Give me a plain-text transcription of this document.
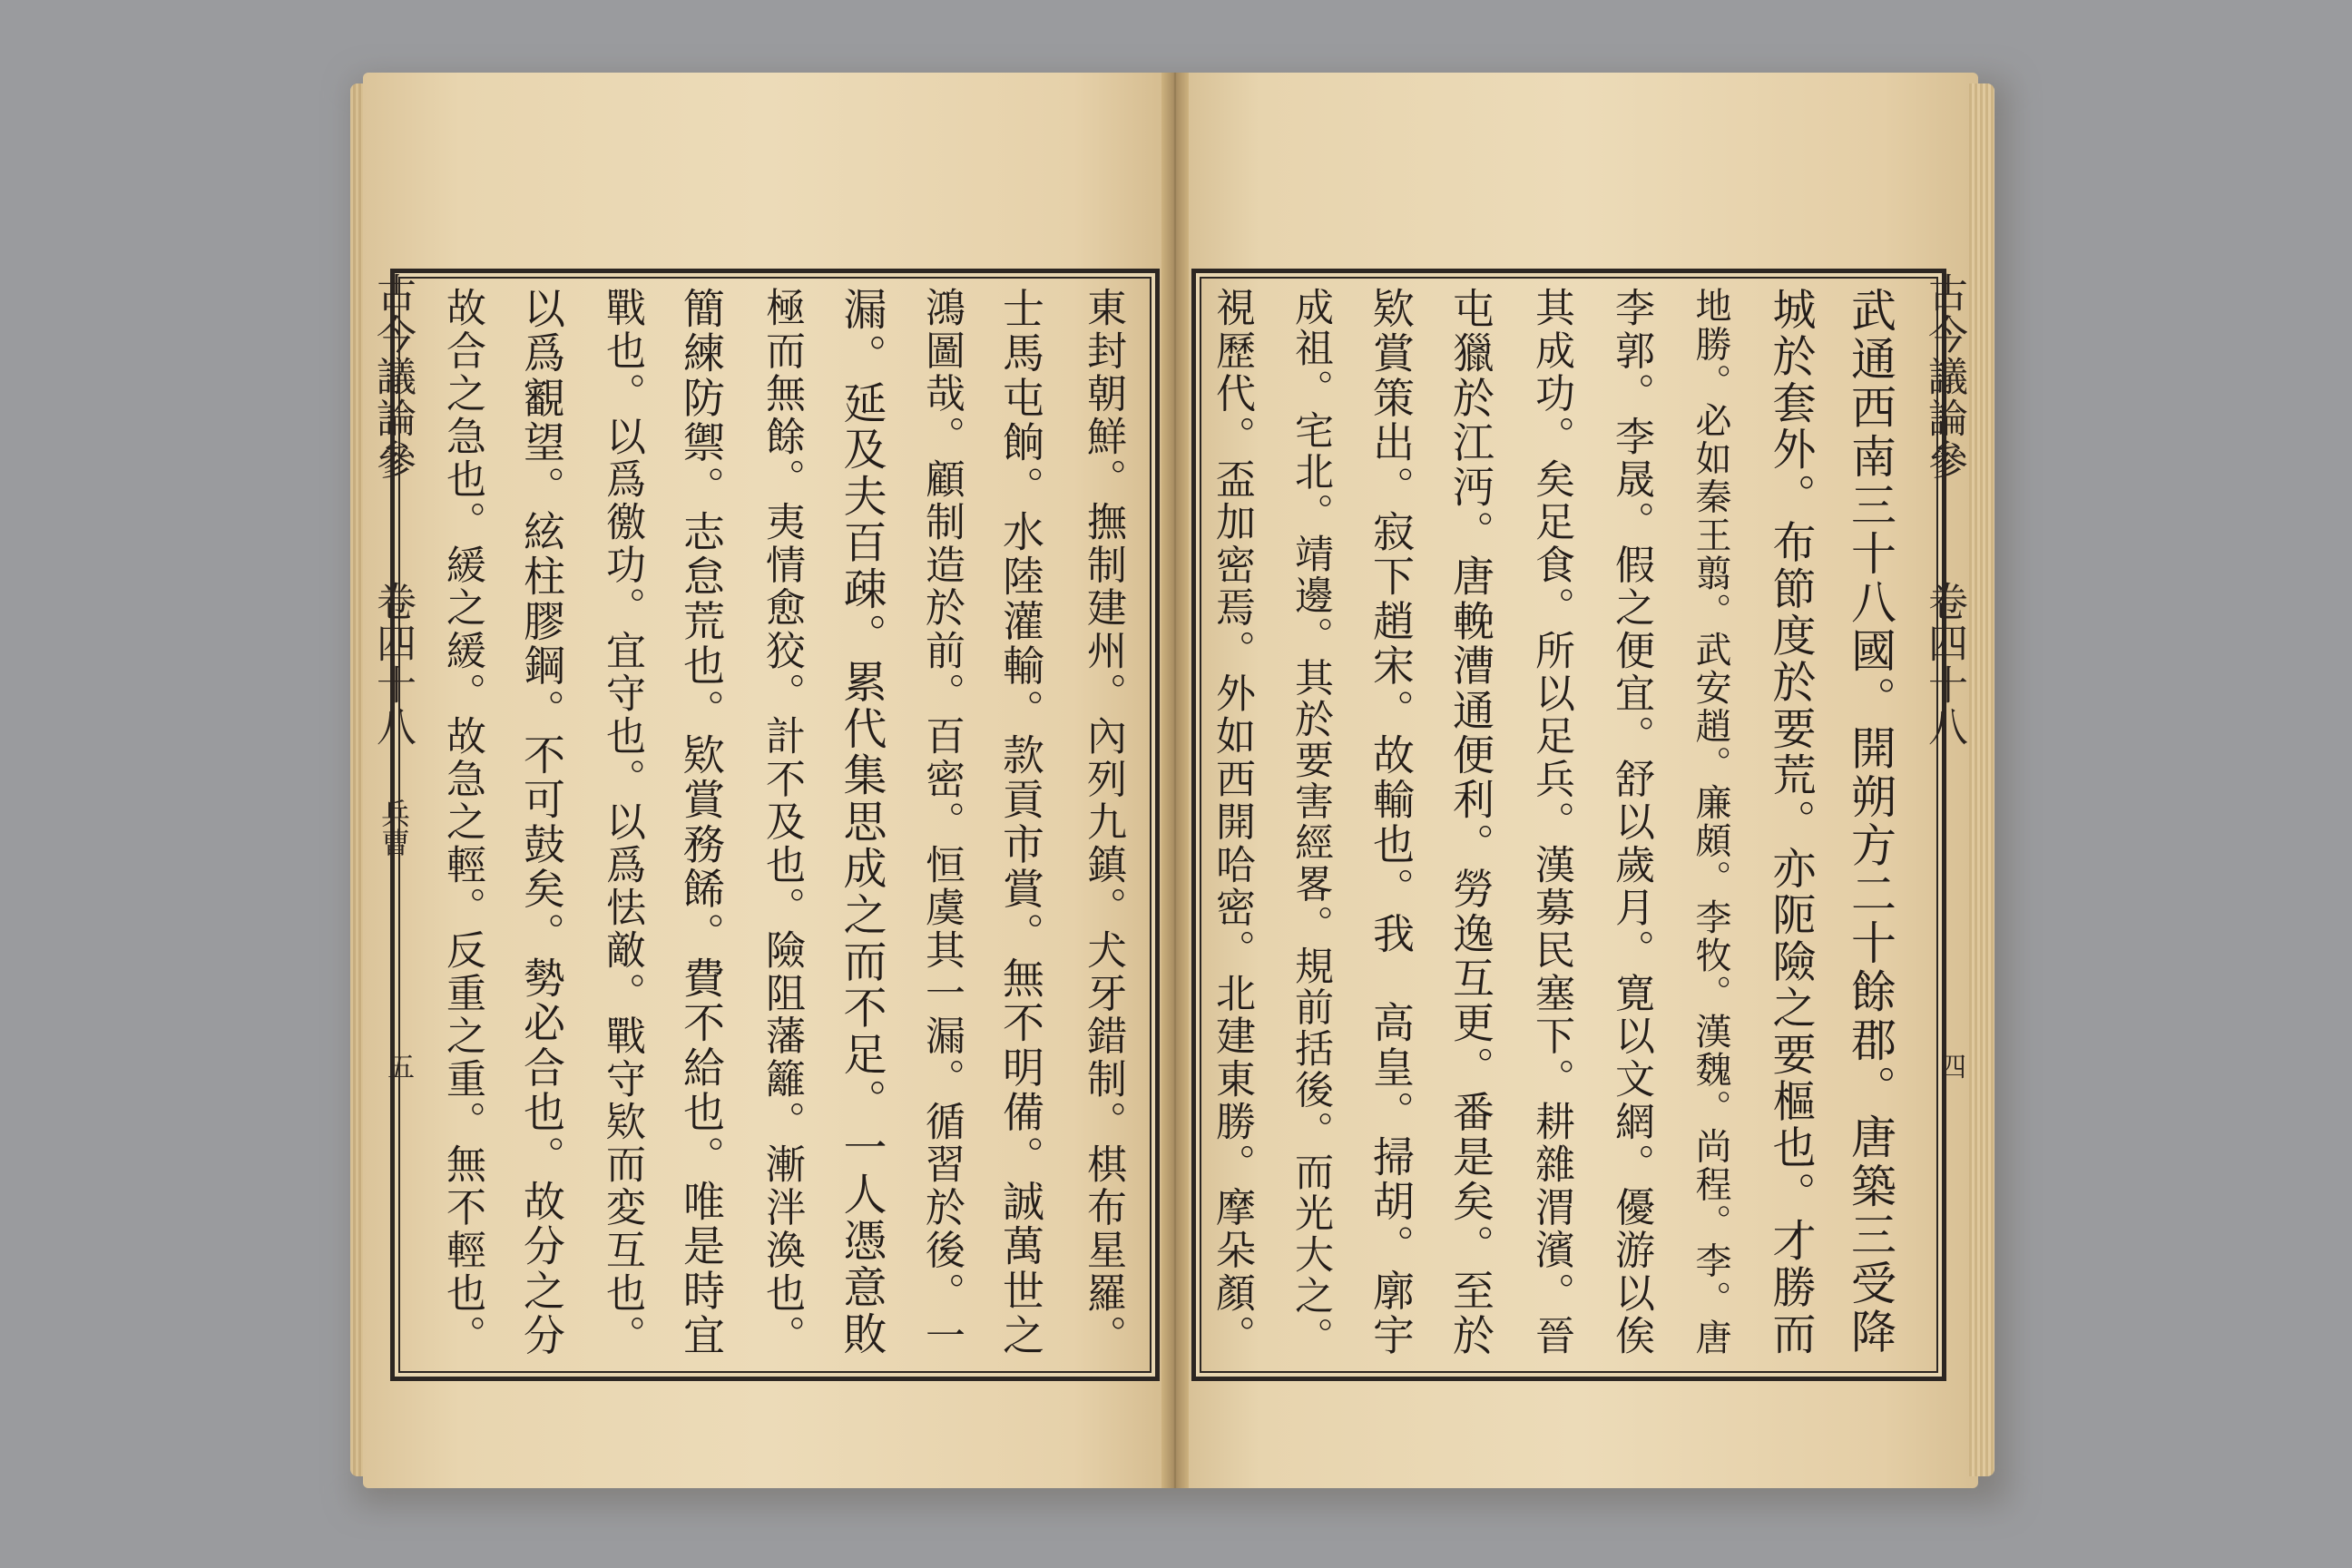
古今議論參
卷四十八
兵曹
五	東封朝鮮。撫制建州。內列九鎮。犬牙錯制。棋布星羅。
士馬屯餉。水陸灌輸。款貢市賞。無不明備。誠萬世之
鴻圖哉。顧制造於前。百密。恒虞其一漏。循習於後。一
漏。延及夫百疎。累代集思成之而不足。一人憑意敗
極而無餘。夷情愈狡。計不及也。險阻藩籬。漸泮渙也。
簡練防禦。志怠荒也。欵賞務餙。費不給也。唯是時宜
戰也。以爲徼功。宜守也。以爲怯敵。戰守欵而変互也。
以爲覾望。絃柱膠鋼。不可鼓矣。勢必合也。故分之分
故合之急也。緩之緩。故急之輕。反重之重。無不輕也。	古今議論參
卷四十八
四
武通西南三十八國。開朔方二十餘郡。唐築三受降
城於套外。布節度於要荒。亦阨險之要樞也。才勝而
地勝。必如秦王翦。武安趙。廉頗。李牧。漢魏。尚程。李。唐
李郭。李晟。假之便宜。舒以歲月。寛以文網。優游以俟
其成功。矣足食。所以足兵。漢募民塞下。耕雜渭濱。晉
屯獵於江沔。唐輓漕通便利。勞逸互更。番是矣。至於
欵賞策出。寂下趙宋。故輸也。我　高皇。掃胡。廓宇
成祖。宅北。靖邊。其於要害經畧。規前括後。而光大之。
視歷代。盃加密焉。外如西開哈密。北建東勝。摩朵顏。
